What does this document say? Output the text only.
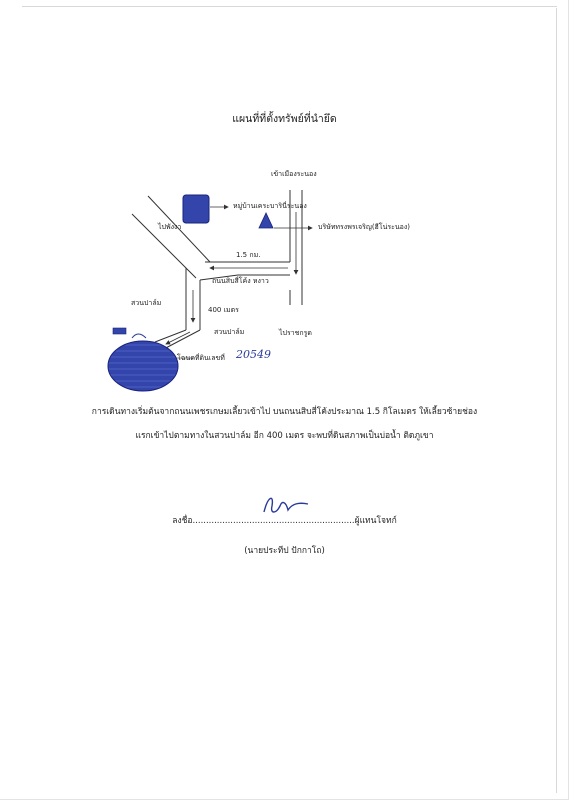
แผนที่ที่ตั้งทรัพย์ที่นำยึด
เข้าเมืองระนอง
หมู่บ้านเคระบารินี่ระนอง
บริษัททรงพรเจริญ(ฮีโน่ระนอง)
ไปพังงา
1.5 กม.
ถนนสิบสี่โค้ง หงาว
สวนปาล์ม
400 เมตร
ไปราชกรูด
สวนปาล์ม
โฉนดที่ดินเลขที่ 20549
การเดินทางเริ่มต้นจากถนนเพชรเกษมเลี้ยวเข้าไป บนถนนสิบสี่โค้งประมาณ 1.5 กิโลเมตร ให้เลี้ยวซ้ายช่อง
แรกเข้าไปตามทางในสวนปาล์ม อีก 400 เมตร จะพบที่ดินสภาพเป็นบ่อน้ำ ติดภูเขา
ลงชื่อ............................................................ผู้แทนโจทก์
(นายประทีป ปักกาโถ)
